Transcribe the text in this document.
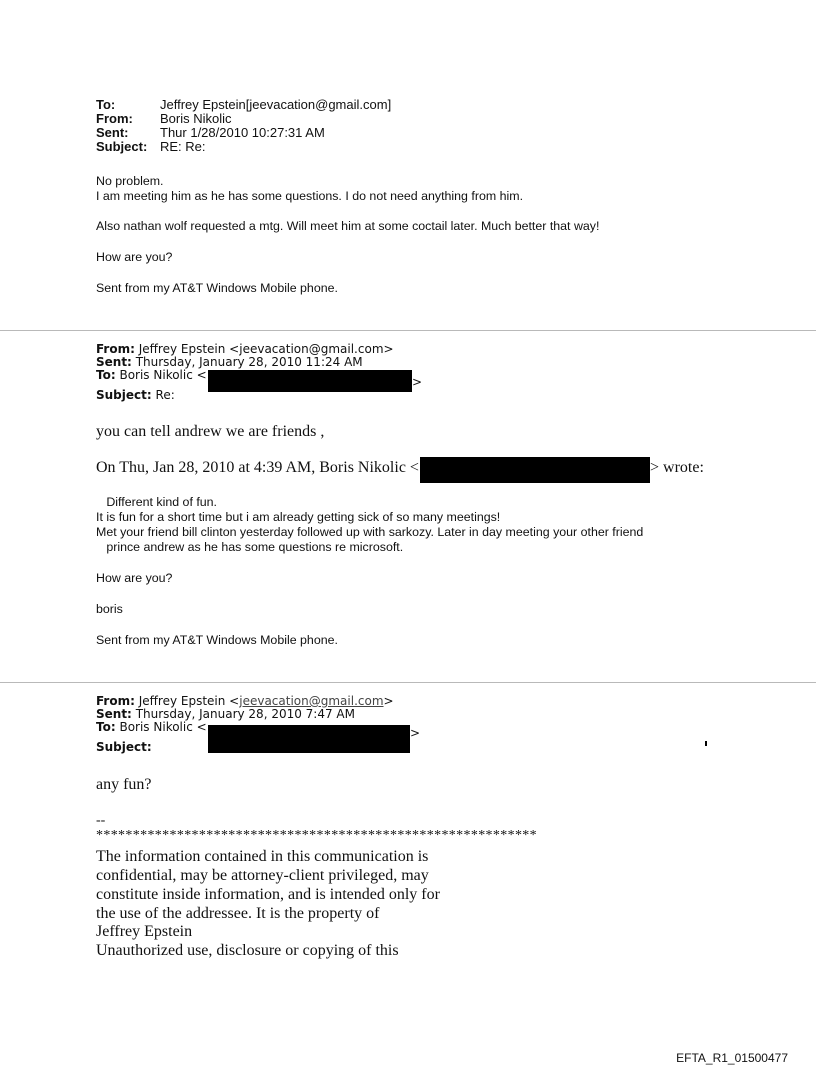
To:	Jeffrey Epstein[jeevacation@gmail.com]
From: Boris Nikolic
Sent: Thur 1/28/2010 10:27:31 AM
Subject: RE: Re:
No problem.
I am meeting him as he has some questions. I do not need anything from him.
Also nathan wolf requested a mtg. Will meet him at some coctail later. Much better that way!
How are you?
Sent from my AT&T Windows Mobile phone.
From: Jeffrey Epstein <jeevacation@gmail.com>
Sent: Thursday, January 28, 2010 11:24 AM
To: Boris Nikolic <	>
Subject: Re:
you can tell andrew we are friends ,
On Thu, Jan 28, 2010 at 4:39 AM, Boris Nikolic <	> wrote:
Different kind of fun.
It is fun for a short time but i am already getting sick of so many meetings!
Met your friend bill clinton yesterday followed up with sarkozy. Later in day meeting your other friend
prince andrew as he has some questions re microsoft.
How are you?
boris
Sent from my AT&T Windows Mobile phone.
From: Jeffrey Epstein <jeevacation@gmail.com>
Sent: Thursday, January 28, 2010 7:47 AM
To: Boris Nikolic <	>
Subject:
any fun?
--
************************************************************
The information contained in this communication is
confidential, may be attorney-client privileged, may
constitute inside information, and is intended only for
the use of the addressee. It is the property of
Jeffrey Epstein
Unauthorized use, disclosure or copying of this
EFTA_R1_01500477
